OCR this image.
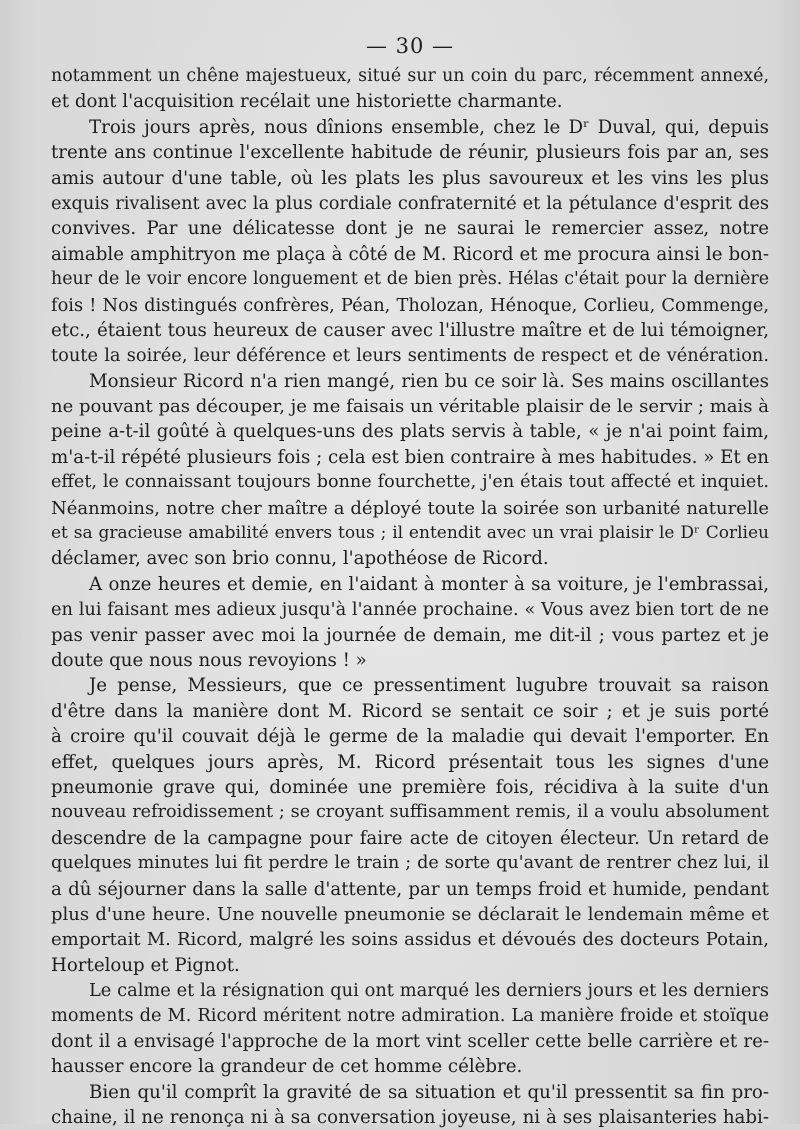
— 30 —
notamment un chêne majestueux, situé sur un coin du parc, récemment annexé,
et dont l'acquisition recélait une historiette charmante.
Trois jours après, nous dînions ensemble, chez le Dʳ Duval, qui, depuis
trente ans continue l'excellente habitude de réunir, plusieurs fois par an, ses
amis autour d'une table, où les plats les plus savoureux et les vins les plus
exquis rivalisent avec la plus cordiale confraternité et la pétulance d'esprit des
convives. Par une délicatesse dont je ne saurai le remercier assez, notre
aimable amphitryon me plaça à côté de M. Ricord et me procura ainsi le bon-
heur de le voir encore longuement et de bien près. Hélas c'était pour la dernière
fois ! Nos distingués confrères, Péan, Tholozan, Hénoque, Corlieu, Commenge,
etc., étaient tous heureux de causer avec l'illustre maître et de lui témoigner,
toute la soirée, leur déférence et leurs sentiments de respect et de vénération.
Monsieur Ricord n'a rien mangé, rien bu ce soir là. Ses mains oscillantes
ne pouvant pas découper, je me faisais un véritable plaisir de le servir ; mais à
peine a-t-il goûté à quelques-uns des plats servis à table, « je n'ai point faim,
m'a-t-il répété plusieurs fois ; cela est bien contraire à mes habitudes. » Et en
effet, le connaissant toujours bonne fourchette, j'en étais tout affecté et inquiet.
Néanmoins, notre cher maître a déployé toute la soirée son urbanité naturelle
et sa gracieuse amabilité envers tous ; il entendit avec un vrai plaisir le Dʳ Corlieu
déclamer, avec son brio connu, l'apothéose de Ricord.
A onze heures et demie, en l'aidant à monter à sa voiture, je l'embrassai,
en lui faisant mes adieux jusqu'à l'année prochaine. « Vous avez bien tort de ne
pas venir passer avec moi la journée de demain, me dit-il ; vous partez et je
doute que nous nous revoyions ! »
Je pense, Messieurs, que ce pressentiment lugubre trouvait sa raison
d'être dans la manière dont M. Ricord se sentait ce soir ; et je suis porté
à croire qu'il couvait déjà le germe de la maladie qui devait l'emporter. En
effet, quelques jours après, M. Ricord présentait tous les signes d'une
pneumonie grave qui, dominée une première fois, récidiva à la suite d'un
nouveau refroidissement ; se croyant suffisamment remis, il a voulu absolument
descendre de la campagne pour faire acte de citoyen électeur. Un retard de
quelques minutes lui fit perdre le train ; de sorte qu'avant de rentrer chez lui, il
a dû séjourner dans la salle d'attente, par un temps froid et humide, pendant
plus d'une heure. Une nouvelle pneumonie se déclarait le lendemain même et
emportait M. Ricord, malgré les soins assidus et dévoués des docteurs Potain,
Horteloup et Pignot.
Le calme et la résignation qui ont marqué les derniers jours et les derniers
moments de M. Ricord méritent notre admiration. La manière froide et stoïque
dont il a envisagé l'approche de la mort vint sceller cette belle carrière et re-
hausser encore la grandeur de cet homme célèbre.
Bien qu'il comprît la gravité de sa situation et qu'il pressentit sa fin pro-
chaine, il ne renonça ni à sa conversation joyeuse, ni à ses plaisanteries habi-
